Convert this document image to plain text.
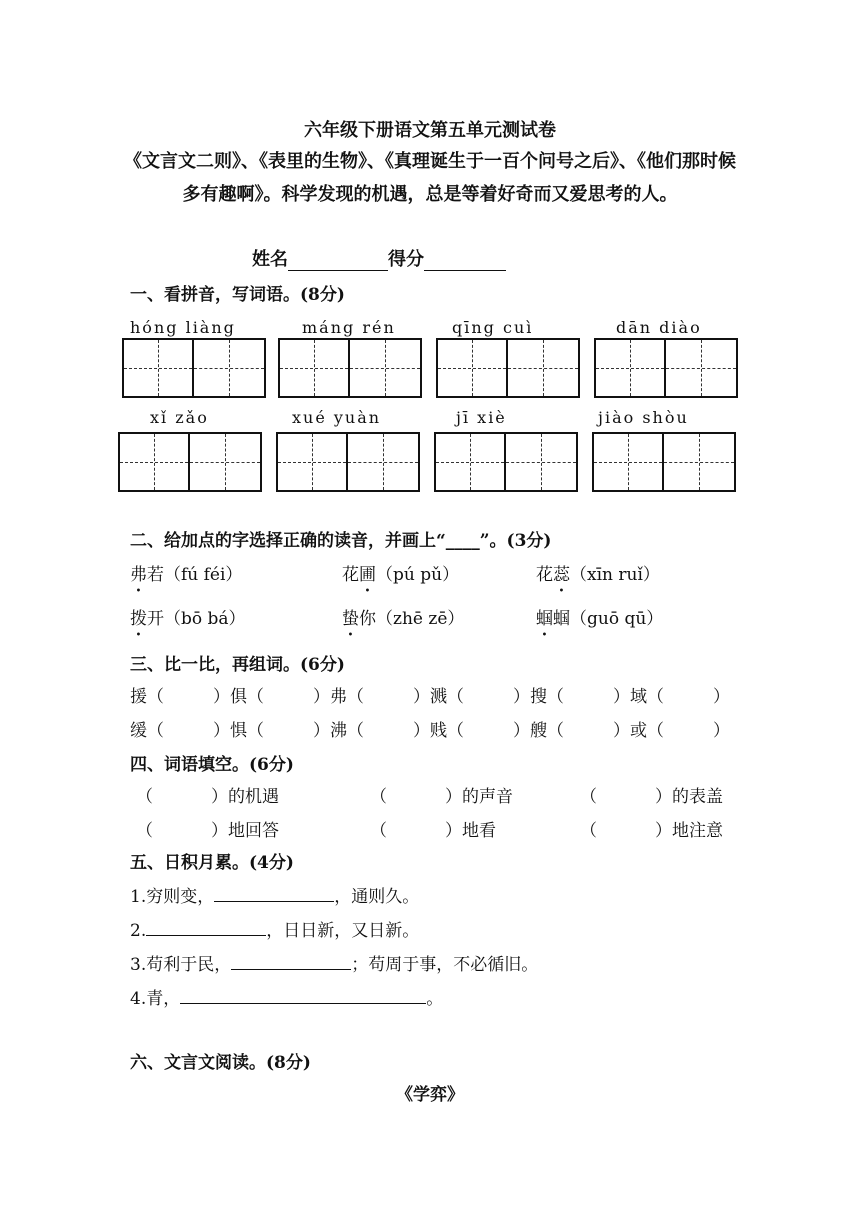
六年级下册语文第五单元测试卷
《文言文二则》、《表里的生物》、《真理诞生于一百个问号之后》、《他们那时候多有趣啊》。科学发现的机遇，总是等着好奇而又爱思考的人。
姓名	得分
一、看拼音，写词语。(8分)
hóng liàng	máng rén	qīng cuì	dān diào
xǐ zǎo	xué yuàn	jī xiè	jiào shòu
二、给加点的字选择正确的读音，并画上“____”。(3分)
弗若（fú féi）	花圃（pú pǔ）	花蕊（xīn ruǐ）
拨开（bō bá）	蛰你（zhē zē）	蝈蝈（guō qū）
三、比一比，再组词。(6分)
援（	）俱（	）弗（	）溅（	）搜（	）域（	）
缓（	）惧（	）沸（	）贱（	）艘（	）或（	）
四、词语填空。(6分)
（	）的机遇	（	）的声音	（	）的表盖
（	）地回答	（	）地看	（	）地注意
五、日积月累。(4分)
1.穷则变，	，通则久。
2.	，日日新，又日新。
3.苟利于民，	；苟周于事，不必循旧。
4.青，	。
六、文言文阅读。(8分)
《学弈》
